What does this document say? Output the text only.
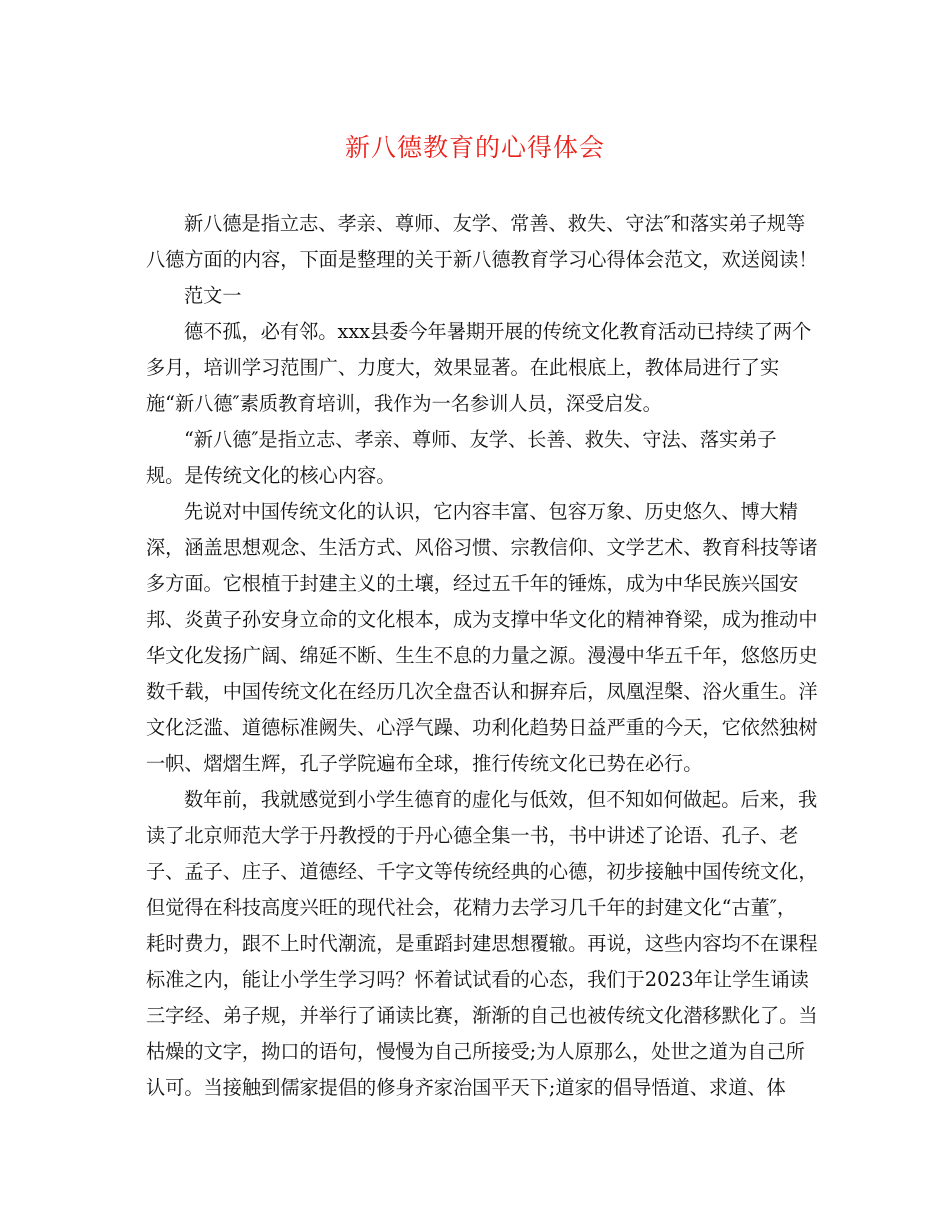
新八德教育的心得体会
新八德是指立志、孝亲、尊师、友学、常善、救失、守法″和落实弟子规等
八德方面的内容，下面是整理的关于新八德教育学习心得体会范文，欢送阅读！
范文一
德不孤，必有邻。xxx县委今年暑期开展的传统文化教育活动已持续了两个
多月，培训学习范围广、力度大，效果显著。在此根底上，教体局进行了实
施“新八德″素质教育培训，我作为一名参训人员，深受启发。
“新八德″是指立志、孝亲、尊师、友学、长善、救失、守法、落实弟子
规。是传统文化的核心内容。
先说对中国传统文化的认识，它内容丰富、包容万象、历史悠久、博大精
深，涵盖思想观念、生活方式、风俗习惯、宗教信仰、文学艺术、教育科技等诸
多方面。它根植于封建主义的土壤，经过五千年的锤炼，成为中华民族兴国安
邦、炎黄子孙安身立命的文化根本，成为支撑中华文化的精神脊梁，成为推动中
华文化发扬广阔、绵延不断、生生不息的力量之源。漫漫中华五千年，悠悠历史
数千载，中国传统文化在经历几次全盘否认和摒弃后，凤凰涅槃、浴火重生。洋
文化泛滥、道德标准阙失、心浮气躁、功利化趋势日益严重的今天，它依然独树
一帜、熠熠生辉，孔子学院遍布全球，推行传统文化已势在必行。
数年前，我就感觉到小学生德育的虚化与低效，但不知如何做起。后来，我
读了北京师范大学于丹教授的于丹心德全集一书，书中讲述了论语、孔子、老
子、孟子、庄子、道德经、千字文等传统经典的心德，初步接触中国传统文化，
但觉得在科技高度兴旺的现代社会，花精力去学习几千年的封建文化“古董″，
耗时费力，跟不上时代潮流，是重蹈封建思想覆辙。再说，这些内容均不在课程
标准之内，能让小学生学习吗？怀着试试看的心态，我们于2023年让学生诵读
三字经、弟子规，并举行了诵读比赛，渐渐的自己也被传统文化潜移默化了。当
枯燥的文字，拗口的语句，慢慢为自己所接受;为人原那么，处世之道为自己所
认可。当接触到儒家提倡的修身齐家治国平天下;道家的倡导悟道、求道、体
